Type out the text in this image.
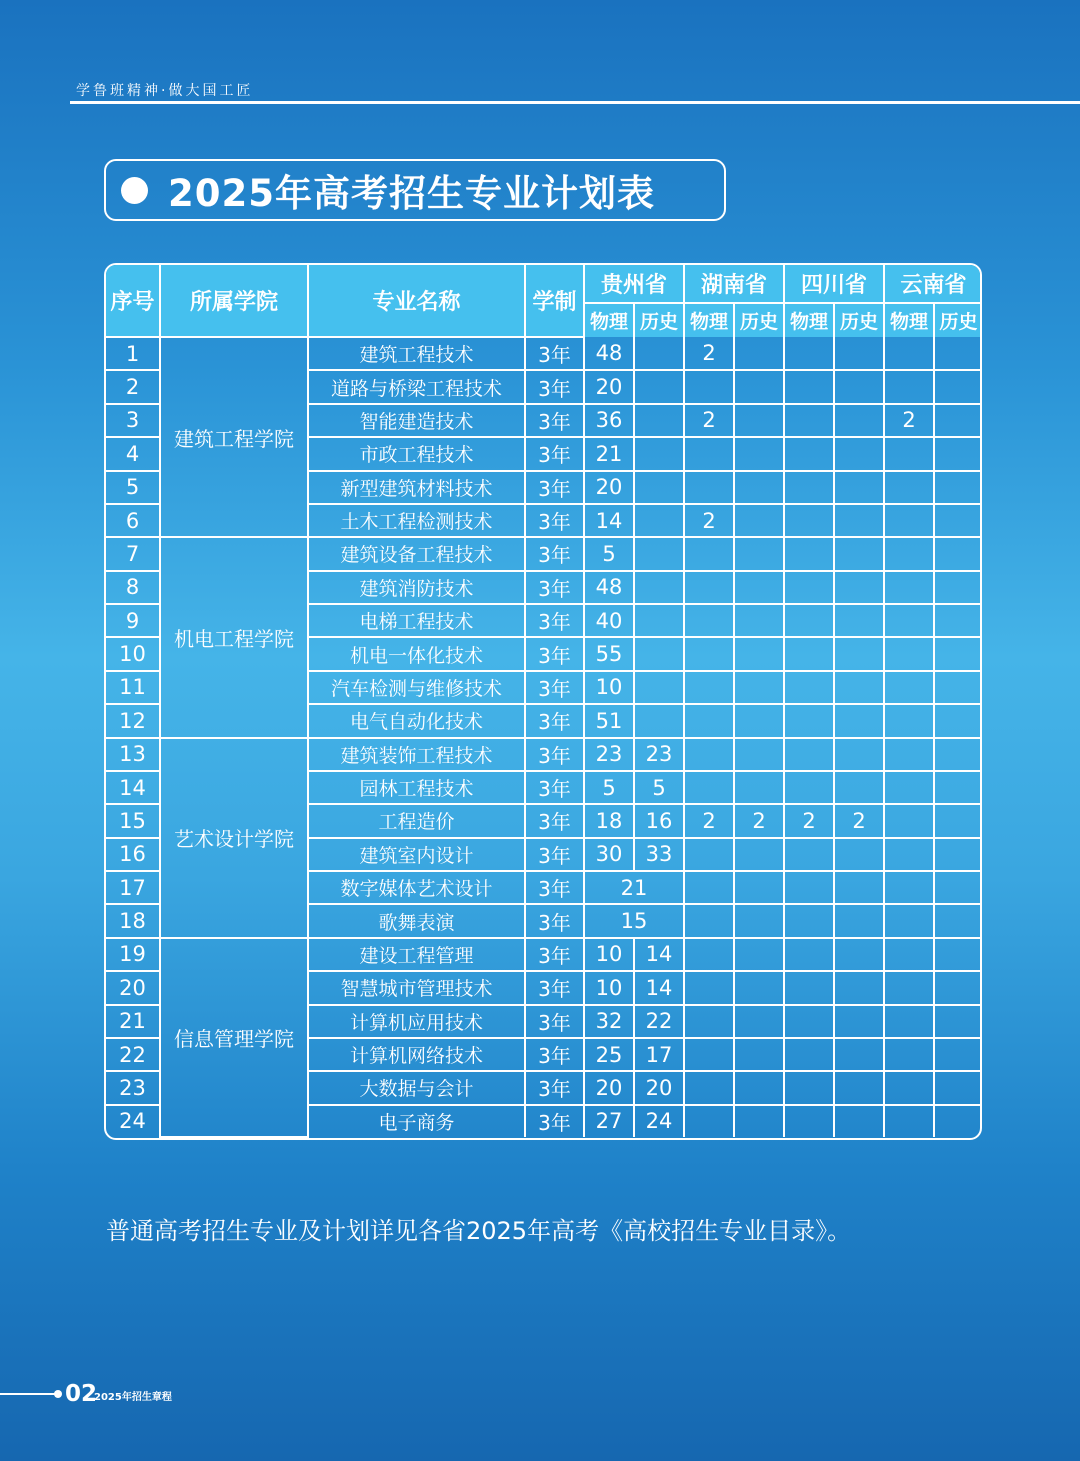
学鲁班精神·做大国工匠
2025年高考招生专业计划表
序号	所属学院	专业名称	学制	贵州省		湖南省		四川省		云南省	
				物理	历史	物理	历史	物理	历史	物理	历史
1	建筑工程学院	建筑工程技术	3年	48		2					
2		道路与桥梁工程技术	3年	20							
3		智能建造技术	3年	36		2				2	
4		市政工程技术	3年	21							
5		新型建筑材料技术	3年	20							
6		土木工程检测技术	3年	14		2					
7	机电工程学院	建筑设备工程技术	3年	5							
8		建筑消防技术	3年	48							
9		电梯工程技术	3年	40							
10		机电一体化技术	3年	55							
11		汽车检测与维修技术	3年	10							
12		电气自动化技术	3年	51							
13	艺术设计学院	建筑装饰工程技术	3年	23	23						
14		园林工程技术	3年	5	5						
15		工程造价	3年	18	16	2	2	2	2		
16		建筑室内设计	3年	30	33						
17		数字媒体艺术设计	3年	21							
18		歌舞表演	3年	15							
19	信息管理学院	建设工程管理	3年	10	14						
20		智慧城市管理技术	3年	10	14						
21		计算机应用技术	3年	32	22						
22		计算机网络技术	3年	25	17						
23		大数据与会计	3年	20	20						
24		电子商务	3年	27	24						
普通高考招生专业及计划详见各省2025年高考《高校招生专业目录》。
02
2025年招生章程
